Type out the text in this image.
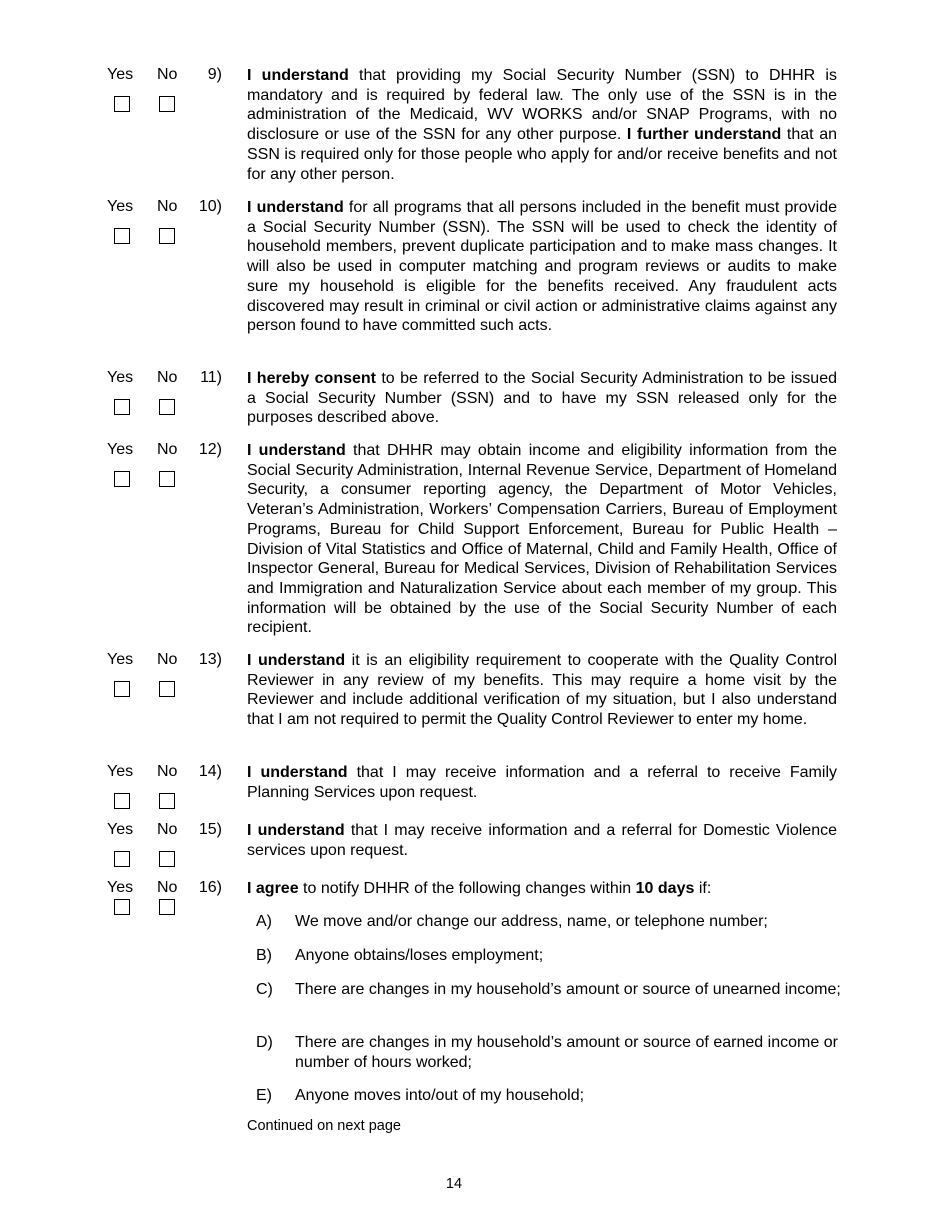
Yes No	9) I understand that providing my Social Security Number (SSN) to DHHR is mandatory and is required by federal law. The only use of the SSN is in the administration of the Medicaid, WV WORKS and/or SNAP Programs, with no disclosure or use of the SSN for any other purpose. I further understand that an SSN is required only for those people who apply for and/or receive benefits and not for any other person.
Yes No 10) I understand for all programs that all persons included in the benefit must provide a Social Security Number (SSN). The SSN will be used to check the identity of household members, prevent duplicate participation and to make mass changes. It will also be used in computer matching and program reviews or audits to make sure my household is eligible for the benefits received. Any fraudulent acts discovered may result in criminal or civil action or administrative claims against any person found to have committed such acts.
Yes No 11) I hereby consent to be referred to the Social Security Administration to be issued a Social Security Number (SSN) and to have my SSN released only for the purposes described above.
Yes No 12) I understand that DHHR may obtain income and eligibility information from the Social Security Administration, Internal Revenue Service, Department of Homeland Security, a consumer reporting agency, the Department of Motor Vehicles, Veteran’s Administration, Workers’ Compensation Carriers, Bureau of Employment Programs, Bureau for Child Support Enforcement, Bureau for Public Health – Division of Vital Statistics and Office of Maternal, Child and Family Health, Office of Inspector General, Bureau for Medical Services, Division of Rehabilitation Services and Immigration and Naturalization Service about each member of my group. This information will be obtained by the use of the Social Security Number of each recipient.
Yes No 13) I understand it is an eligibility requirement to cooperate with the Quality Control Reviewer in any review of my benefits. This may require a home visit by the Reviewer and include additional verification of my situation, but I also understand that I am not required to permit the Quality Control Reviewer to enter my home.
Yes No 14) I understand that I may receive information and a referral to receive Family Planning Services upon request.
Yes No 15) I understand that I may receive information and a referral for Domestic Violence services upon request.
Yes No 16) I agree to notify DHHR of the following changes within 10 days if:
A) We move and/or change our address, name, or telephone number;
B) Anyone obtains/loses employment;
C) There are changes in my household’s amount or source of unearned income;
D) There are changes in my household’s amount or source of earned income or number of hours worked;
E) Anyone moves into/out of my household;
Continued on next page
14
